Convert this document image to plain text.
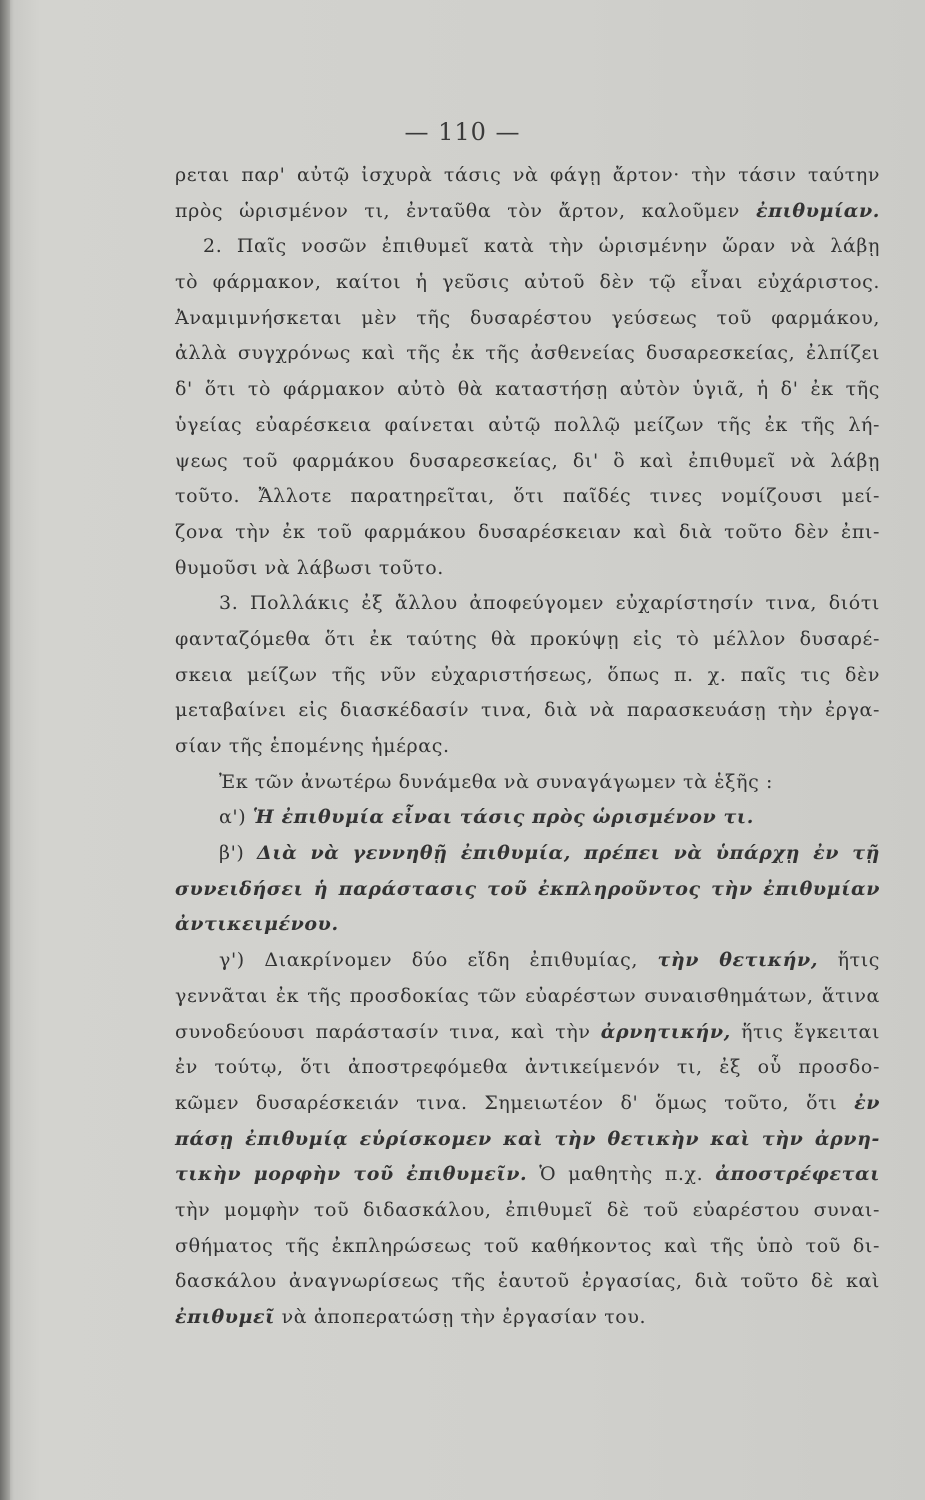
— 110 —
ρεται παρ' αὐτῷ ἰσχυρὰ τάσις νὰ φάγῃ ἄρτον· τὴν τάσιν ταύτην
πρὸς ὡρισμένον τι, ἐνταῦθα τὸν ἄρτον, καλοῦμεν ἐπιθυμίαν.
2. Παῖς νοσῶν ἐπιθυμεῖ κατὰ τὴν ὡρισμένην ὥραν νὰ λάβῃ
τὸ φάρμακον, καίτοι ἡ γεῦσις αὐτοῦ δὲν τῷ εἶναι εὐχάριστος.
Ἀναμιμνήσκεται μὲν τῆς δυσαρέστου γεύσεως τοῦ φαρμάκου,
ἀλλὰ συγχρόνως καὶ τῆς ἐκ τῆς ἀσθενείας δυσαρεσκείας, ἐλπίζει
δ' ὅτι τὸ φάρμακον αὐτὸ θὰ καταστήσῃ αὐτὸν ὑγιᾶ, ἡ δ' ἐκ τῆς
ὑγείας εὐαρέσκεια φαίνεται αὐτῷ πολλῷ μείζων τῆς ἐκ τῆς λή-
ψεως τοῦ φαρμάκου δυσαρεσκείας, δι' ὃ καὶ ἐπιθυμεῖ νὰ λάβῃ
τοῦτο. Ἄλλοτε παρατηρεῖται, ὅτι παῖδές τινες νομίζουσι μεί-
ζονα τὴν ἐκ τοῦ φαρμάκου δυσαρέσκειαν καὶ διὰ τοῦτο δὲν ἐπι-
θυμοῦσι νὰ λάβωσι τοῦτο.
3. Πολλάκις ἐξ ἄλλου ἀποφεύγομεν εὐχαρίστησίν τινα, διότι
φανταζόμεθα ὅτι ἐκ ταύτης θὰ προκύψῃ εἰς τὸ μέλλον δυσαρέ-
σκεια μείζων τῆς νῦν εὐχαριστήσεως, ὅπως π. χ. παῖς τις δὲν
μεταβαίνει εἰς διασκέδασίν τινα, διὰ νὰ παρασκευάσῃ τὴν ἐργα-
σίαν τῆς ἑπομένης ἡμέρας.
Ἐκ τῶν ἀνωτέρω δυνάμεθα νὰ συναγάγωμεν τὰ ἑξῆς :
α') Ἡ ἐπιθυμία εἶναι τάσις πρὸς ὡρισμένον τι.
β') Διὰ νὰ γεννηθῇ ἐπιθυμία, πρέπει νὰ ὑπάρχῃ ἐν τῇ
συνειδήσει ἡ παράστασις τοῦ ἐκπληροῦντος τὴν ἐπιθυμίαν
ἀντικειμένου.
γ') Διακρίνομεν δύο εἴδη ἐπιθυμίας, τὴν θετικήν, ἥτις
γεννᾶται ἐκ τῆς προσδοκίας τῶν εὐαρέστων συναισθημάτων, ἅτινα
συνοδεύουσι παράστασίν τινα, καὶ τὴν ἀρνητικήν, ἥτις ἔγκειται
ἐν τούτῳ, ὅτι ἀποστρεφόμεθα ἀντικείμενόν τι, ἐξ οὗ προσδο-
κῶμεν δυσαρέσκειάν τινα. Σημειωτέον δ' ὅμως τοῦτο, ὅτι ἐν
πάσῃ ἐπιθυμίᾳ εὑρίσκομεν καὶ τὴν θετικὴν καὶ τὴν ἀρνη-
τικὴν μορφὴν τοῦ ἐπιθυμεῖν. Ὁ μαθητὴς π.χ. ἀποστρέφεται
τὴν μομφὴν τοῦ διδασκάλου, ἐπιθυμεῖ δὲ τοῦ εὐαρέστου συναι-
σθήματος τῆς ἐκπληρώσεως τοῦ καθήκοντος καὶ τῆς ὑπὸ τοῦ δι-
δασκάλου ἀναγνωρίσεως τῆς ἑαυτοῦ ἐργασίας, διὰ τοῦτο δὲ καὶ
ἐπιθυμεῖ νὰ ἀποπερατώσῃ τὴν ἐργασίαν του.
